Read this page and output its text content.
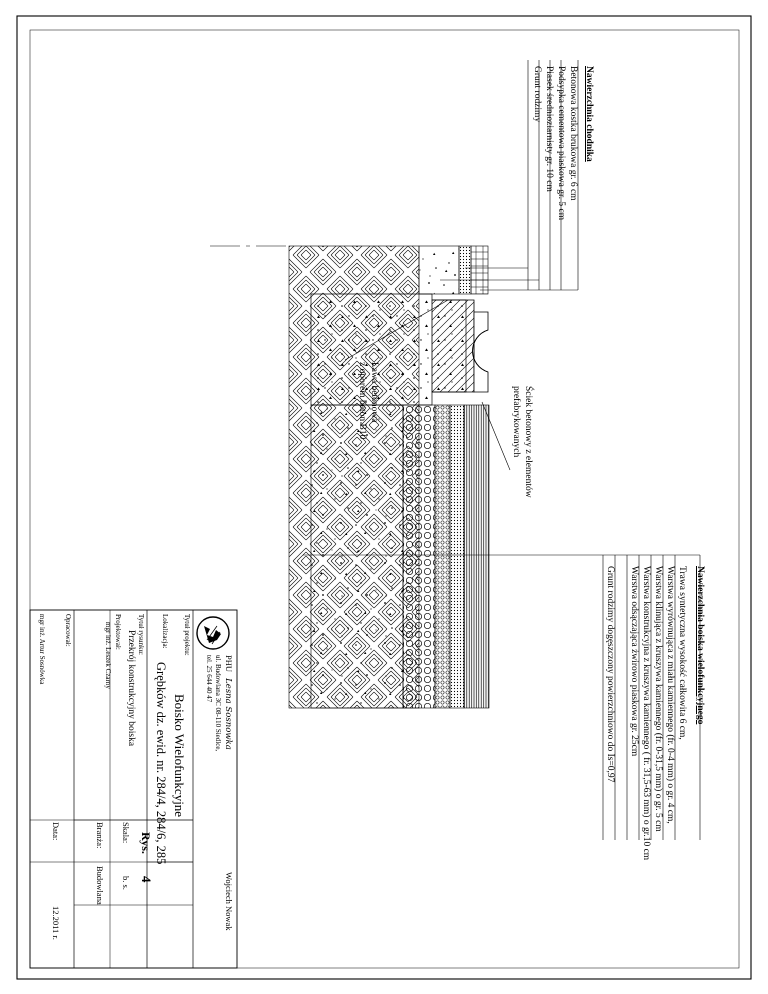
Nawierzchnia chodnika
Betonowa kostka brukowa gr. 6 cm
Podsypka cementowa piaskowa gr. 5 cm
Piasek średnioziarnisty gr. 10 cm
Grunt rodzimy
Nawierzchnia boiska wielofunkcyjnego
Trawa syntetyczna wysokość całkowita 6 cm,
Warstwa wyrównująca z miału kamiennego (fr. 0-4 mm) o gr. 4 cm,
Warstwa klinująca z kruszywa kamiennego (fr. 0-31,5 mm) o gr. 5 cm
Warstwa konstrukcyjna z kruszywa kamiennego ( fr. 31,5-63 mm) o gr.10 cm
Warstwa odsączająca żwirowo piaskowa gr. 25cm
Grunt rodzimy dogęszczony powierzchniowo do Is=0,97
Ściek betonowy z elementów
prefabrykowanych
Ława betonowa
z oporem beton B10
PHU Lesna Sosnowka
Wojciech Nowak
ul. Budowlana 3C 08-110 Siedlce,
tel. 25 644 40 47
Tytuł projektu:
Boisko Wielofunkcyjne
Lokalizacja:
Grębków dz. ewid. nr. 284/4, 284/6, 285
Tytuł rysunku:
Przekrój konstrukcyjny boiska
Projektował:
mgr inż. Leszek Czarny
Opracował:
mgr inż. Artur Sosnówka
Rys.
4
Skala:
b. s.
Branża:
Budowlana
Data:
12.2011 r.
